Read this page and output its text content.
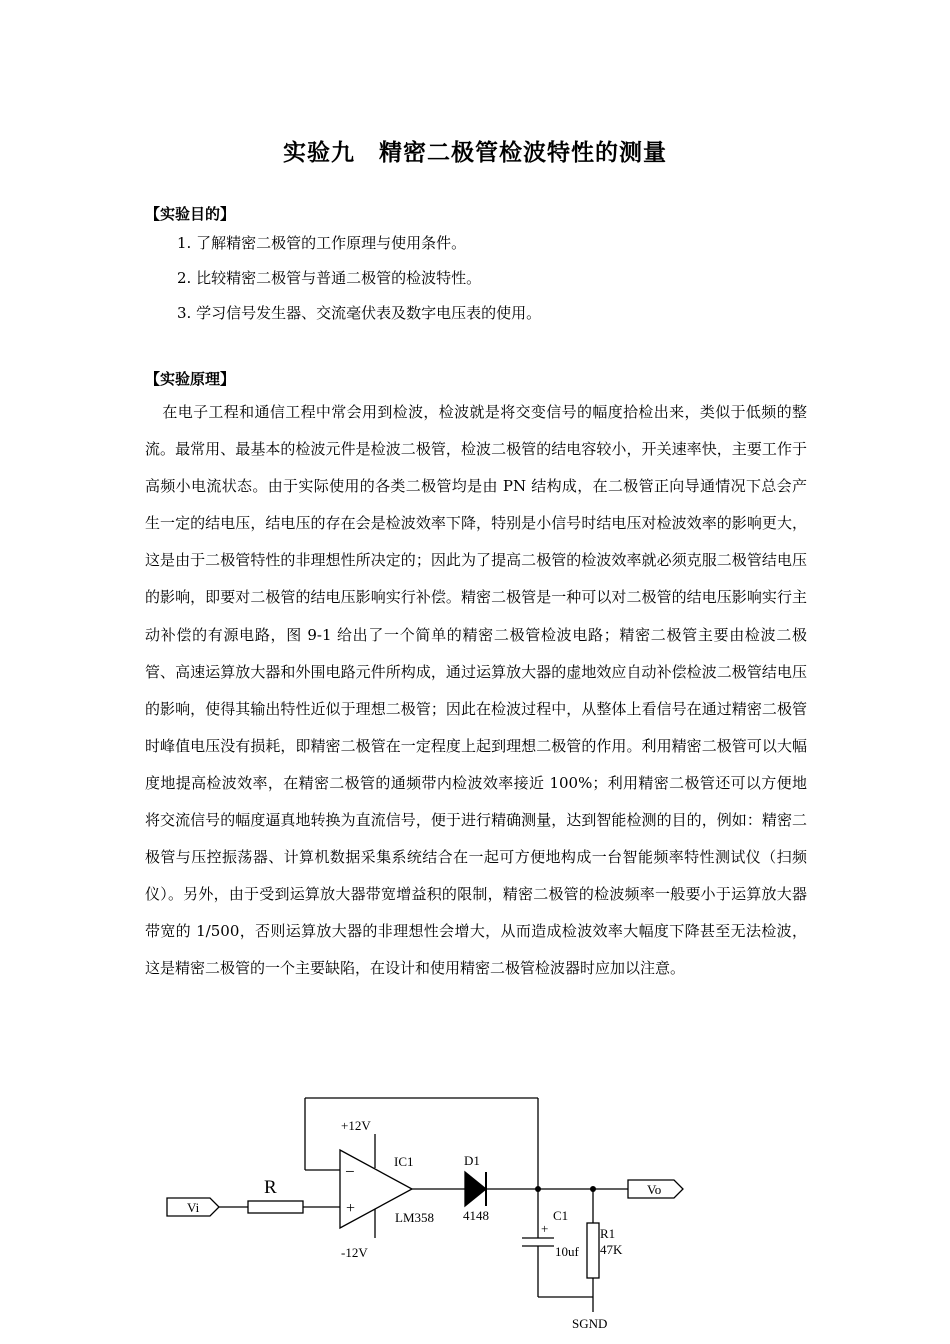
实验九　精密二极管检波特性的测量
【实验目的】
1. 了解精密二极管的工作原理与使用条件。
2. 比较精密二极管与普通二极管的检波特性。
3. 学习信号发生器、交流毫伏表及数字电压表的使用。
【实验原理】
在电子工程和通信工程中常会用到检波，检波就是将交变信号的幅度拾检出来，类似于低频的整流。最常用、最基本的检波元件是检波二极管，检波二极管的结电容较小，开关速率快，主要工作于高频小电流状态。由于实际使用的各类二极管均是由 PN 结构成，在二极管正向导通情况下总会产生一定的结电压，结电压的存在会是检波效率下降，特别是小信号时结电压对检波效率的影响更大，这是由于二极管特性的非理想性所决定的；因此为了提高二极管的检波效率就必须克服二极管结电压的影响，即要对二极管的结电压影响实行补偿。精密二极管是一种可以对二极管的结电压影响实行主动补偿的有源电路，图 9-1 给出了一个简单的精密二极管检波电路；精密二极管主要由检波二极管、高速运算放大器和外围电路元件所构成，通过运算放大器的虚地效应自动补偿检波二极管结电压的影响，使得其输出特性近似于理想二极管；因此在检波过程中，从整体上看信号在通过精密二极管时峰值电压没有损耗，即精密二极管在一定程度上起到理想二极管的作用。利用精密二极管可以大幅度地提高检波效率，在精密二极管的通频带内检波效率接近 100%；利用精密二极管还可以方便地将交流信号的幅度逼真地转换为直流信号，便于进行精确测量，达到智能检测的目的，例如：精密二极管与压控振荡器、计算机数据采集系统结合在一起可方便地构成一台智能频率特性测试仪（扫频仪）。另外，由于受到运算放大器带宽增益积的限制，精密二极管的检波频率一般要小于运算放大器带宽的 1/500，否则运算放大器的非理想性会增大，从而造成检波效率大幅度下降甚至无法检波，这是精密二极管的一个主要缺陷，在设计和使用精密二极管检波器时应加以注意。
Vi
Vo
R
−
+
IC1
LM358
+12V
-12V
D1
4148	C1
+
10uf
R1
47K
SGND
